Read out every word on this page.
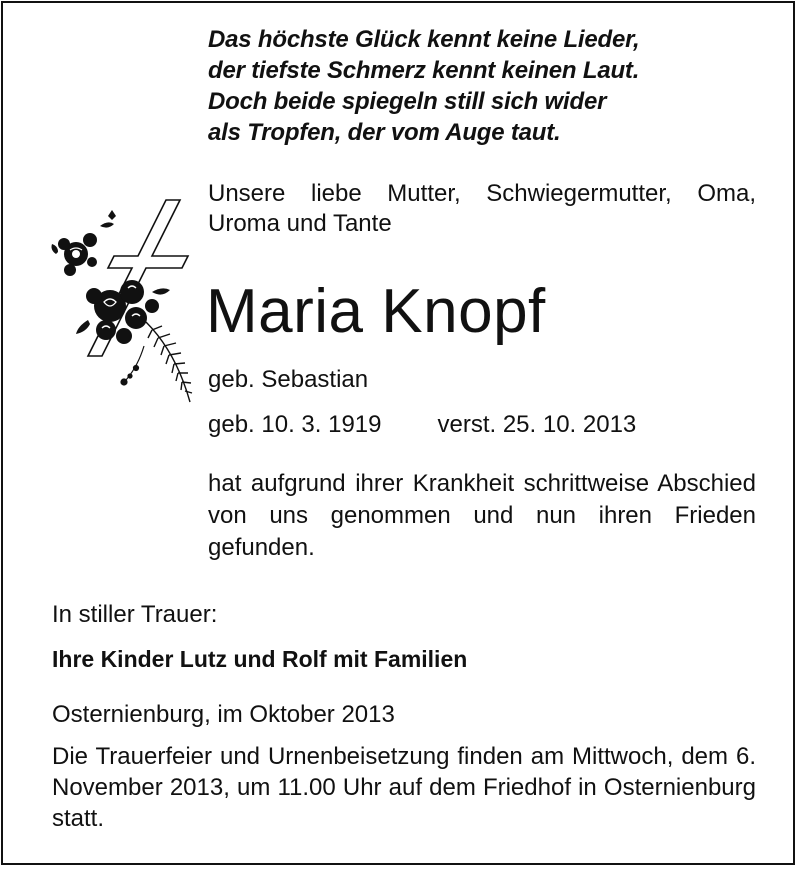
Das höchste Glück kennt keine Lieder,
der tiefste Schmerz kennt keinen Laut.
Doch beide spiegeln still sich wider
als Tropfen, der vom Auge taut.
Unsere liebe Mutter, Schwiegermutter, Oma, Uroma und Tante
Maria Knopf
geb. Sebastian
geb. 10. 3. 1919 verst. 25. 10. 2013
hat aufgrund ihrer Krankheit schrittweise Abschied von uns genommen und nun ihren Frieden gefunden.
In stiller Trauer:
Ihre Kinder Lutz und Rolf mit Familien
Osternienburg, im Oktober 2013
Die Trauerfeier und Urnenbeisetzung finden am Mittwoch, dem 6. November 2013, um 11.00 Uhr auf dem Friedhof in Osternienburg statt.
